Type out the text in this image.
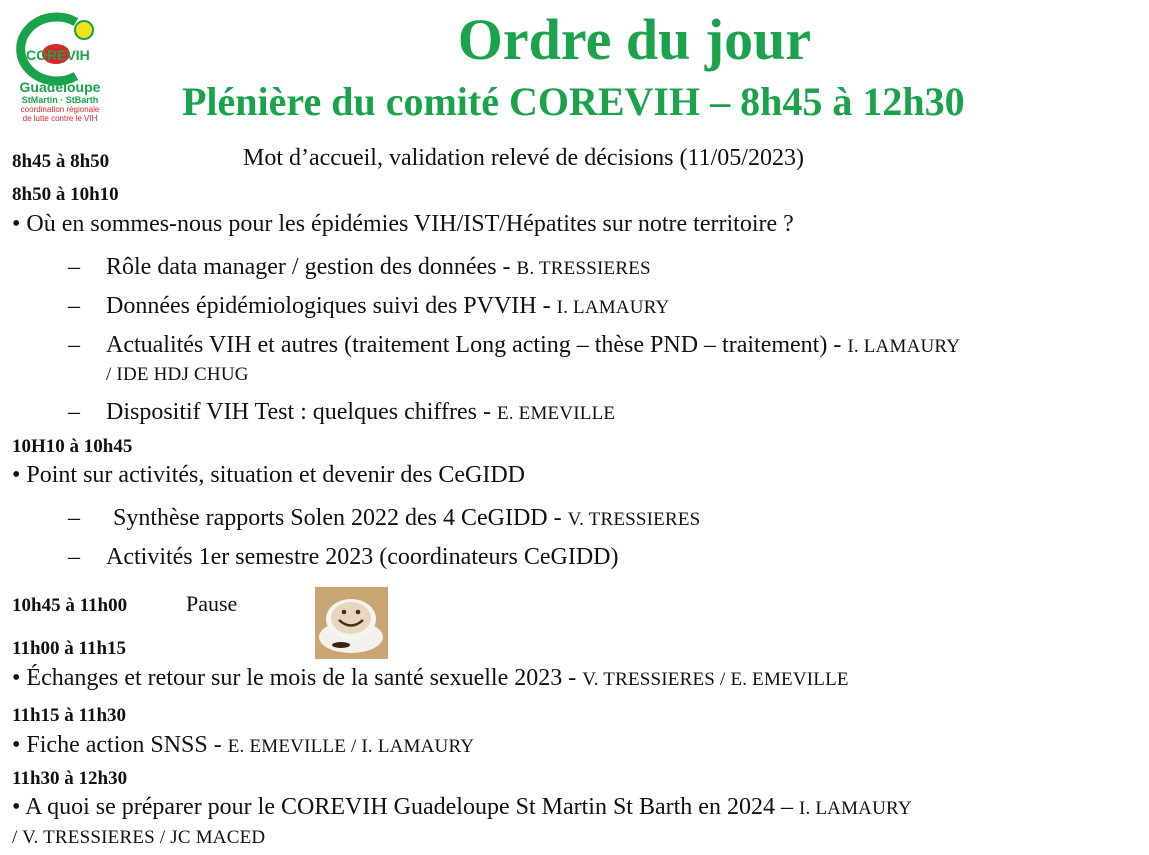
COREVIH
Guadeloupe
StMartin · StBarth
coordination régionale
de lutte contre le VIH
Ordre du jour
Plénière du comité COREVIH – 8h45 à 12h30
8h45 à 8h50	Mot d’accueil, validation relevé de décisions (11/05/2023)
8h50 à 10h10
• Où en sommes-nous pour les épidémies VIH/IST/Hépatites sur notre territoire ?
– Rôle data manager / gestion des données - B. TRESSIERES
– Données épidémiologiques suivi des PVVIH - I. LAMAURY
– Actualités VIH et autres (traitement Long acting – thèse PND – traitement) - I. LAMAURY
/ IDE HDJ CHUG
– Dispositif VIH Test : quelques chiffres - E. EMEVILLE
10H10 à 10h45
• Point sur activités, situation et devenir des CeGIDD
– Synthèse rapports Solen 2022 des 4 CeGIDD - V. TRESSIERES
– Activités 1er semestre 2023 (coordinateurs CeGIDD)
10h45 à 11h00	Pause
11h00 à 11h15
• Échanges et retour sur le mois de la santé sexuelle 2023 - V. TRESSIERES / E. EMEVILLE
11h15 à 11h30
• Fiche action SNSS - E. EMEVILLE / I. LAMAURY
11h30 à 12h30
• A quoi se préparer pour le COREVIH Guadeloupe St Martin St Barth en 2024 – I. LAMAURY
/ V. TRESSIERES / JC MACED
